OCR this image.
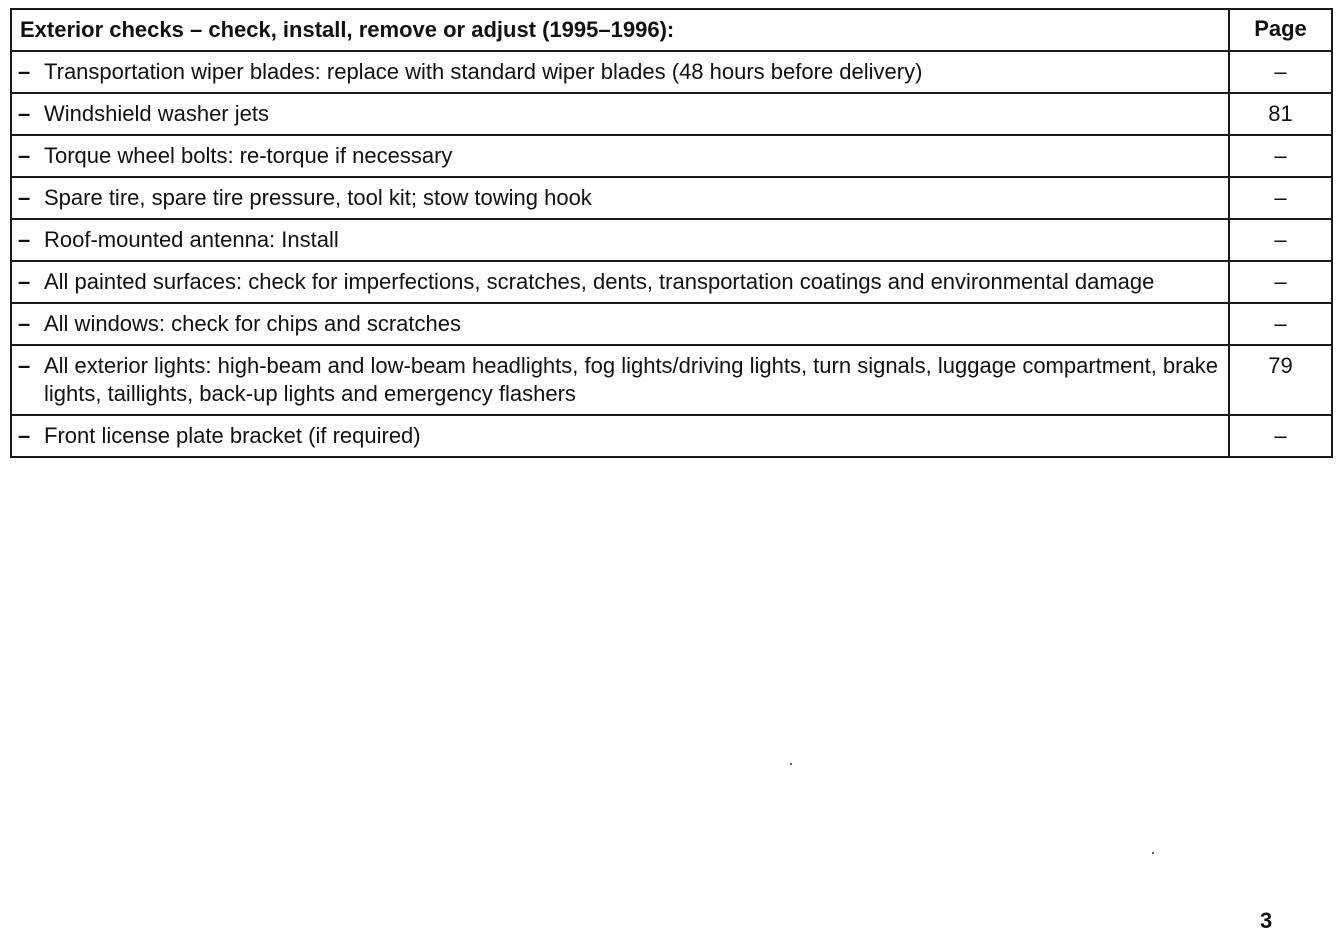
Exterior checks – check, install, remove or adjust (1995–1996):	Page

– Transportation wiper blades: replace with standard wiper blades (48 hours before delivery)	–

– Windshield washer jets	81

– Torque wheel bolts: re-torque if necessary	–

– Spare tire, spare tire pressure, tool kit; stow towing hook	–

– Roof-mounted antenna: Install	–

– All painted surfaces: check for imperfections, scratches, dents, transportation coatings and environmental damage	–

– All windows: check for chips and scratches	–

– All exterior lights: high-beam and low-beam headlights, fog lights/driving lights, turn signals, luggage compartment, brake lights, taillights, back-up lights and emergency flashers	79

– Front license plate bracket (if required)	–
3
